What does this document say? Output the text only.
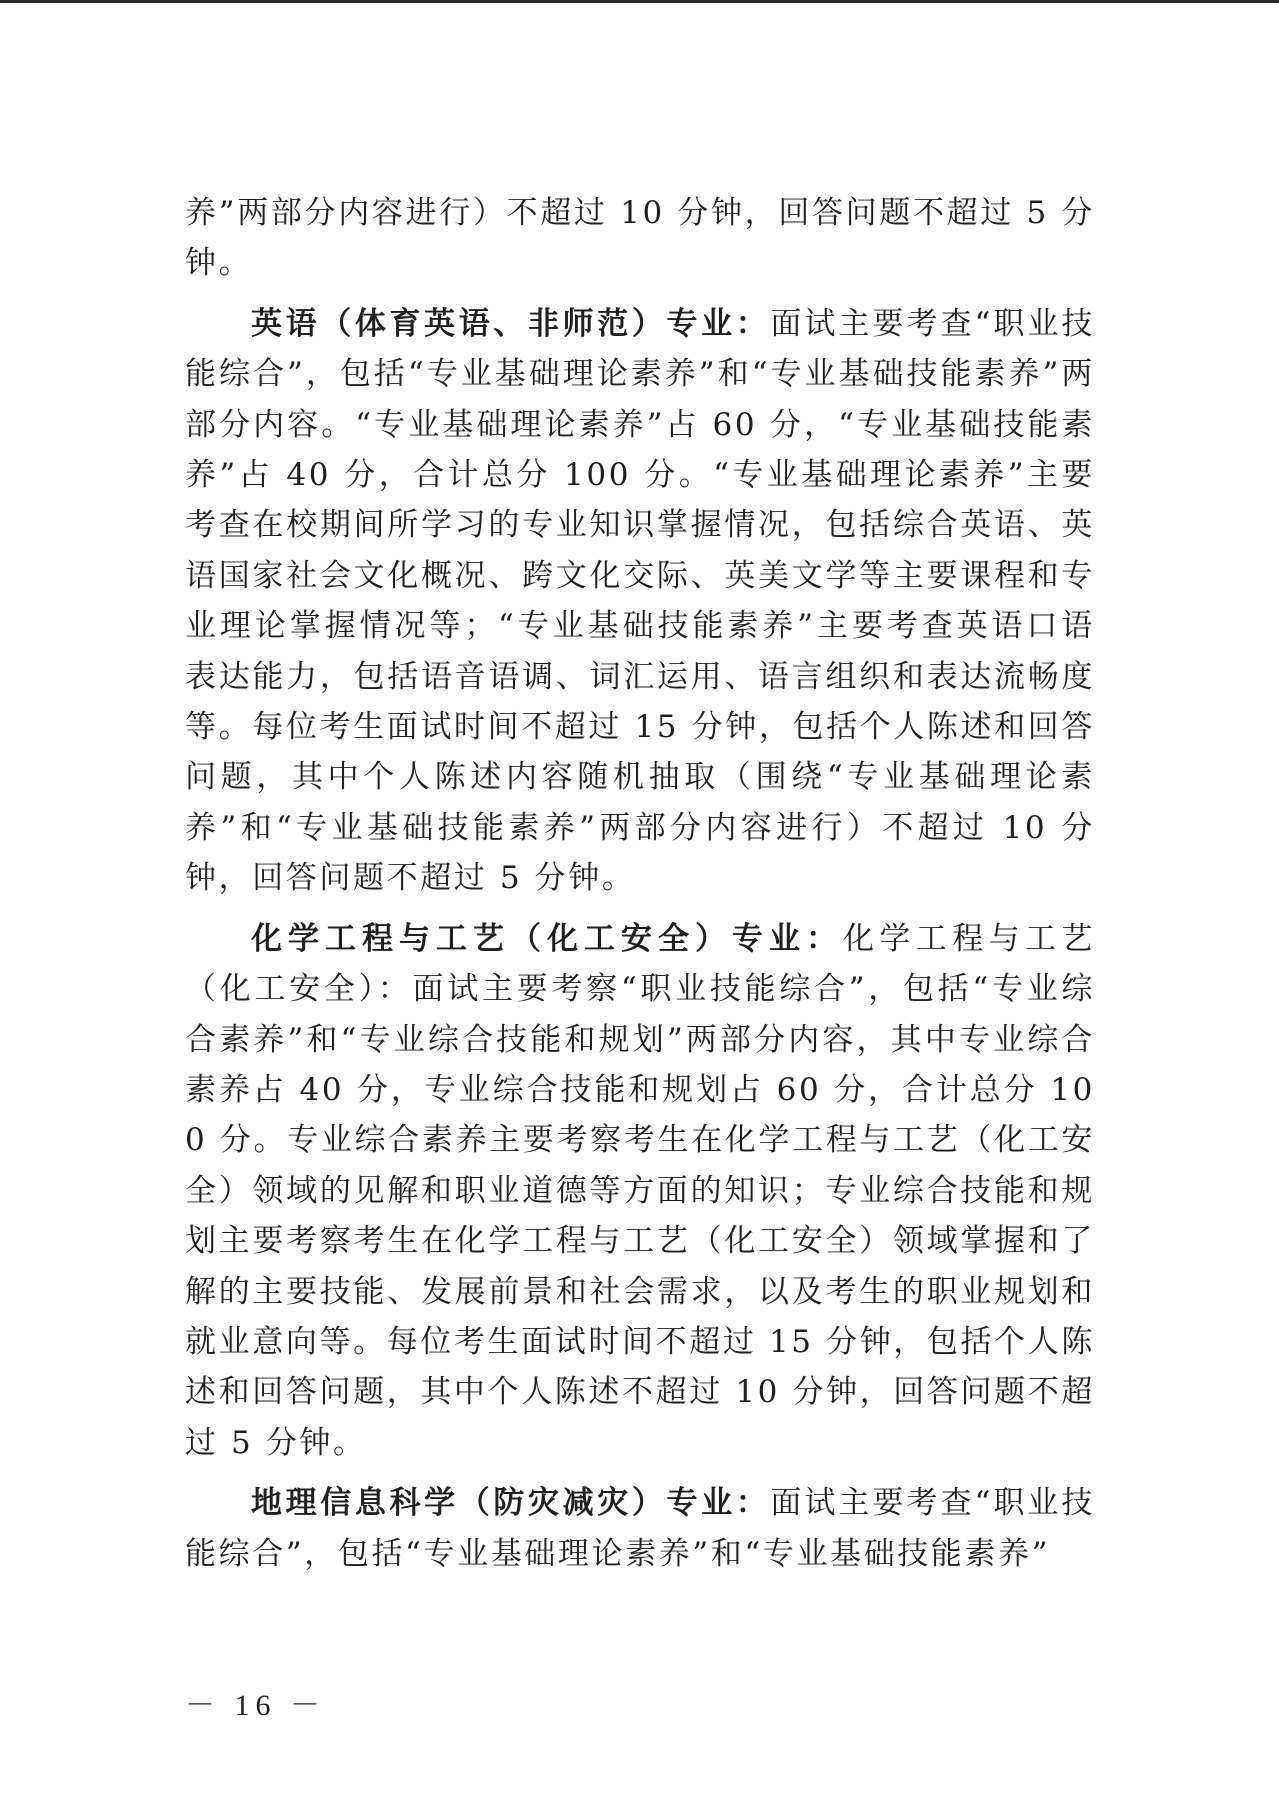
养”两部分内容进行）不超过 10 分钟，回答问题不超过 5 分钟。

英语（体育英语、非师范）专业：面试主要考查“职业技能综合”，包括“专业基础理论素养”和“专业基础技能素养”两部分内容。“专业基础理论素养”占 60 分，“专业基础技能素养”占 40 分，合计总分 100 分。“专业基础理论素养”主要考查在校期间所学习的专业知识掌握情况，包括综合英语、英语国家社会文化概况、跨文化交际、英美文学等主要课程和专业理论掌握情况等；“专业基础技能素养”主要考查英语口语表达能力，包括语音语调、词汇运用、语言组织和表达流畅度等。每位考生面试时间不超过 15 分钟，包括个人陈述和回答问题，其中个人陈述内容随机抽取（围绕“专业基础理论素养”和“专业基础技能素养”两部分内容进行）不超过 10 分钟，回答问题不超过 5 分钟。

化学工程与工艺（化工安全）专业：化学工程与工艺（化工安全）：面试主要考察“职业技能综合”，包括“专业综合素养”和“专业综合技能和规划”两部分内容，其中专业综合素养占 40 分，专业综合技能和规划占 60 分，合计总分 100 分。专业综合素养主要考察考生在化学工程与工艺（化工安全）领域的见解和职业道德等方面的知识；专业综合技能和规划主要考察考生在化学工程与工艺（化工安全）领域掌握和了解的主要技能、发展前景和社会需求，以及考生的职业规划和就业意向等。每位考生面试时间不超过 15 分钟，包括个人陈述和回答问题，其中个人陈述不超过 10 分钟，回答问题不超过 5 分钟。

地理信息科学（防灾减灾）专业：面试主要考查“职业技能综合”，包括“专业基础理论素养”和“专业基础技能素养”

－ 16 －
